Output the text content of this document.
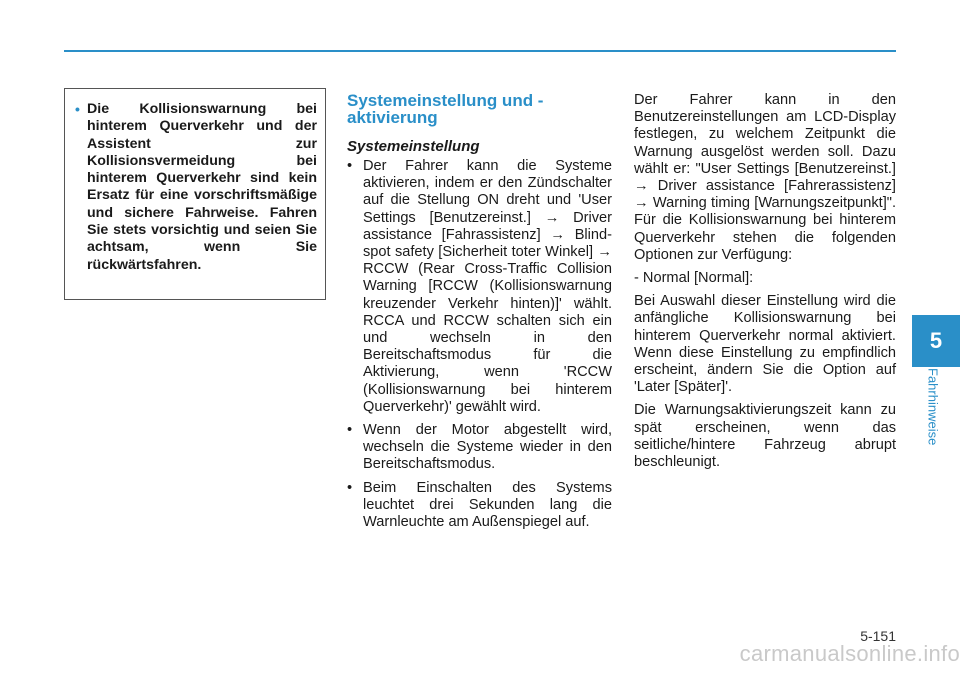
• Die Kollisionswarnung bei hinterem Querverkehr und der Assistent zur Kollisionsvermeidung bei hinterem Querverkehr sind kein Ersatz für eine vorschriftsmäßige und sichere Fahrweise. Fahren Sie stets vorsichtig und seien Sie achtsam, wenn Sie rückwärtsfahren.
Systemeinstellung und -aktivierung
Systemeinstellung
• Der Fahrer kann die Systeme aktivieren, indem er den Zündschalter auf die Stellung ON dreht und 'User Settings [Benutzereinst.] → Driver assistance [Fahrassistenz] → Blind-spot safety [Sicherheit toter Winkel] → RCCW (Rear Cross-Traffic Collision Warning [RCCW (Kollisionswarnung kreuzender Verkehr hinten)]' wählt. RCCA und RCCW schalten sich ein und wechseln in den Bereitschaftsmodus für die Aktivierung, wenn 'RCCW (Kollisionswarnung bei hinterem Querverkehr)' gewählt wird.
• Wenn der Motor abgestellt wird, wechseln die Systeme wieder in den Bereitschaftsmodus.
• Beim Einschalten des Systems leuchtet drei Sekunden lang die Warnleuchte am Außenspiegel auf.

Der Fahrer kann in den Benutzereinstellungen am LCD-Display festlegen, zu welchem Zeitpunkt die Warnung ausgelöst werden soll. Dazu wählt er: "User Settings [Benutzereinst.] → Driver assistance [Fahrerassistenz] → Warning timing [Warnungszeitpunkt]". Für die Kollisionswarnung bei hinterem Querverkehr stehen die folgenden Optionen zur Verfügung:

- Normal [Normal]:

Bei Auswahl dieser Einstellung wird die anfängliche Kollisionswarnung bei hinterem Querverkehr normal aktiviert. Wenn diese Einstellung zu empfindlich erscheint, ändern Sie die Option auf 'Later [Später]'.

Die Warnungsaktivierungszeit kann zu spät erscheinen, wenn das seitliche/hintere Fahrzeug abrupt beschleunigt.

5
Fahrhinweise
5-151
carmanualsonline.info
